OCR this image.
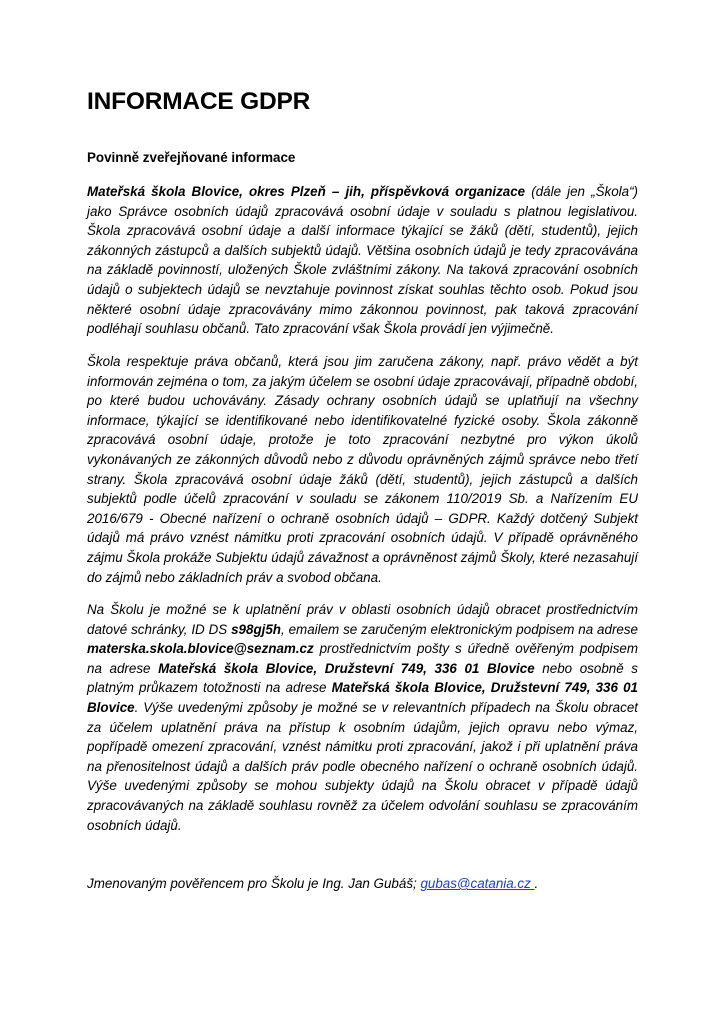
INFORMACE GDPR

Povinně zveřejňované informace

Mateřská škola Blovice, okres Plzeň – jih, příspěvková organizace (dále jen „Škola“) jako Správce osobních údajů zpracovává osobní údaje v souladu s platnou legislativou. Škola zpracovává osobní údaje a další informace týkající se žáků (dětí, studentů), jejich zákonných zástupců a dalších subjektů údajů. Většina osobních údajů je tedy zpracovávána na základě povinností, uložených Škole zvláštními zákony. Na taková zpracování osobních údajů o subjektech údajů se nevztahuje povinnost získat souhlas těchto osob. Pokud jsou některé osobní údaje zpracovávány mimo zákonnou povinnost, pak taková zpracování podléhají souhlasu občanů. Tato zpracování však Škola provádí jen výjimečně.

Škola respektuje práva občanů, která jsou jim zaručena zákony, např. právo vědět a být informován zejména o tom, za jakým účelem se osobní údaje zpracovávají, případně období, po které budou uchovávány. Zásady ochrany osobních údajů se uplatňují na všechny informace, týkající se identifikované nebo identifikovatelné fyzické osoby. Škola zákonně zpracovává osobní údaje, protože je toto zpracování nezbytné pro výkon úkolů vykonávaných ze zákonných důvodů nebo z důvodu oprávněných zájmů správce nebo třetí strany. Škola zpracovává osobní údaje žáků (dětí, studentů), jejich zástupců a dalších subjektů podle účelů zpracování v souladu se zákonem 110/2019 Sb. a Nařízením EU 2016/679 - Obecné nařízení o ochraně osobních údajů – GDPR. Každý dotčený Subjekt údajů má právo vznést námitku proti zpracování osobních údajů. V případě oprávněného zájmu Škola prokáže Subjektu údajů závažnost a oprávněnost zájmů Školy, které nezasahují do zájmů nebo základních práv a svobod občana.

Na Školu je možné se k uplatnění práv v oblasti osobních údajů obracet prostřednictvím datové schránky, ID DS s98gj5h, emailem se zaručeným elektronickým podpisem na adrese materska.skola.blovice@seznam.cz prostřednictvím pošty s úředně ověřeným podpisem na adrese Mateřská škola Blovice, Družstevní 749, 336 01 Blovice nebo osobně s platným průkazem totožnosti na adrese Mateřská škola Blovice, Družstevní 749, 336 01 Blovice. Výše uvedenými způsoby je možné se v relevantních případech na Školu obracet za účelem uplatnění práva na přístup k osobním údajům, jejich opravu nebo výmaz, popřípadě omezení zpracování, vznést námitku proti zpracování, jakož i při uplatnění práva na přenositelnost údajů a dalších práv podle obecného nařízení o ochraně osobních údajů. Výše uvedenými způsoby se mohou subjekty údajů na Školu obracet v případě údajů zpracovávaných na základě souhlasu rovněž za účelem odvolání souhlasu se zpracováním osobních údajů.

Jmenovaným pověřencem pro Školu je Ing. Jan Gubáš; gubas@catania.cz .
